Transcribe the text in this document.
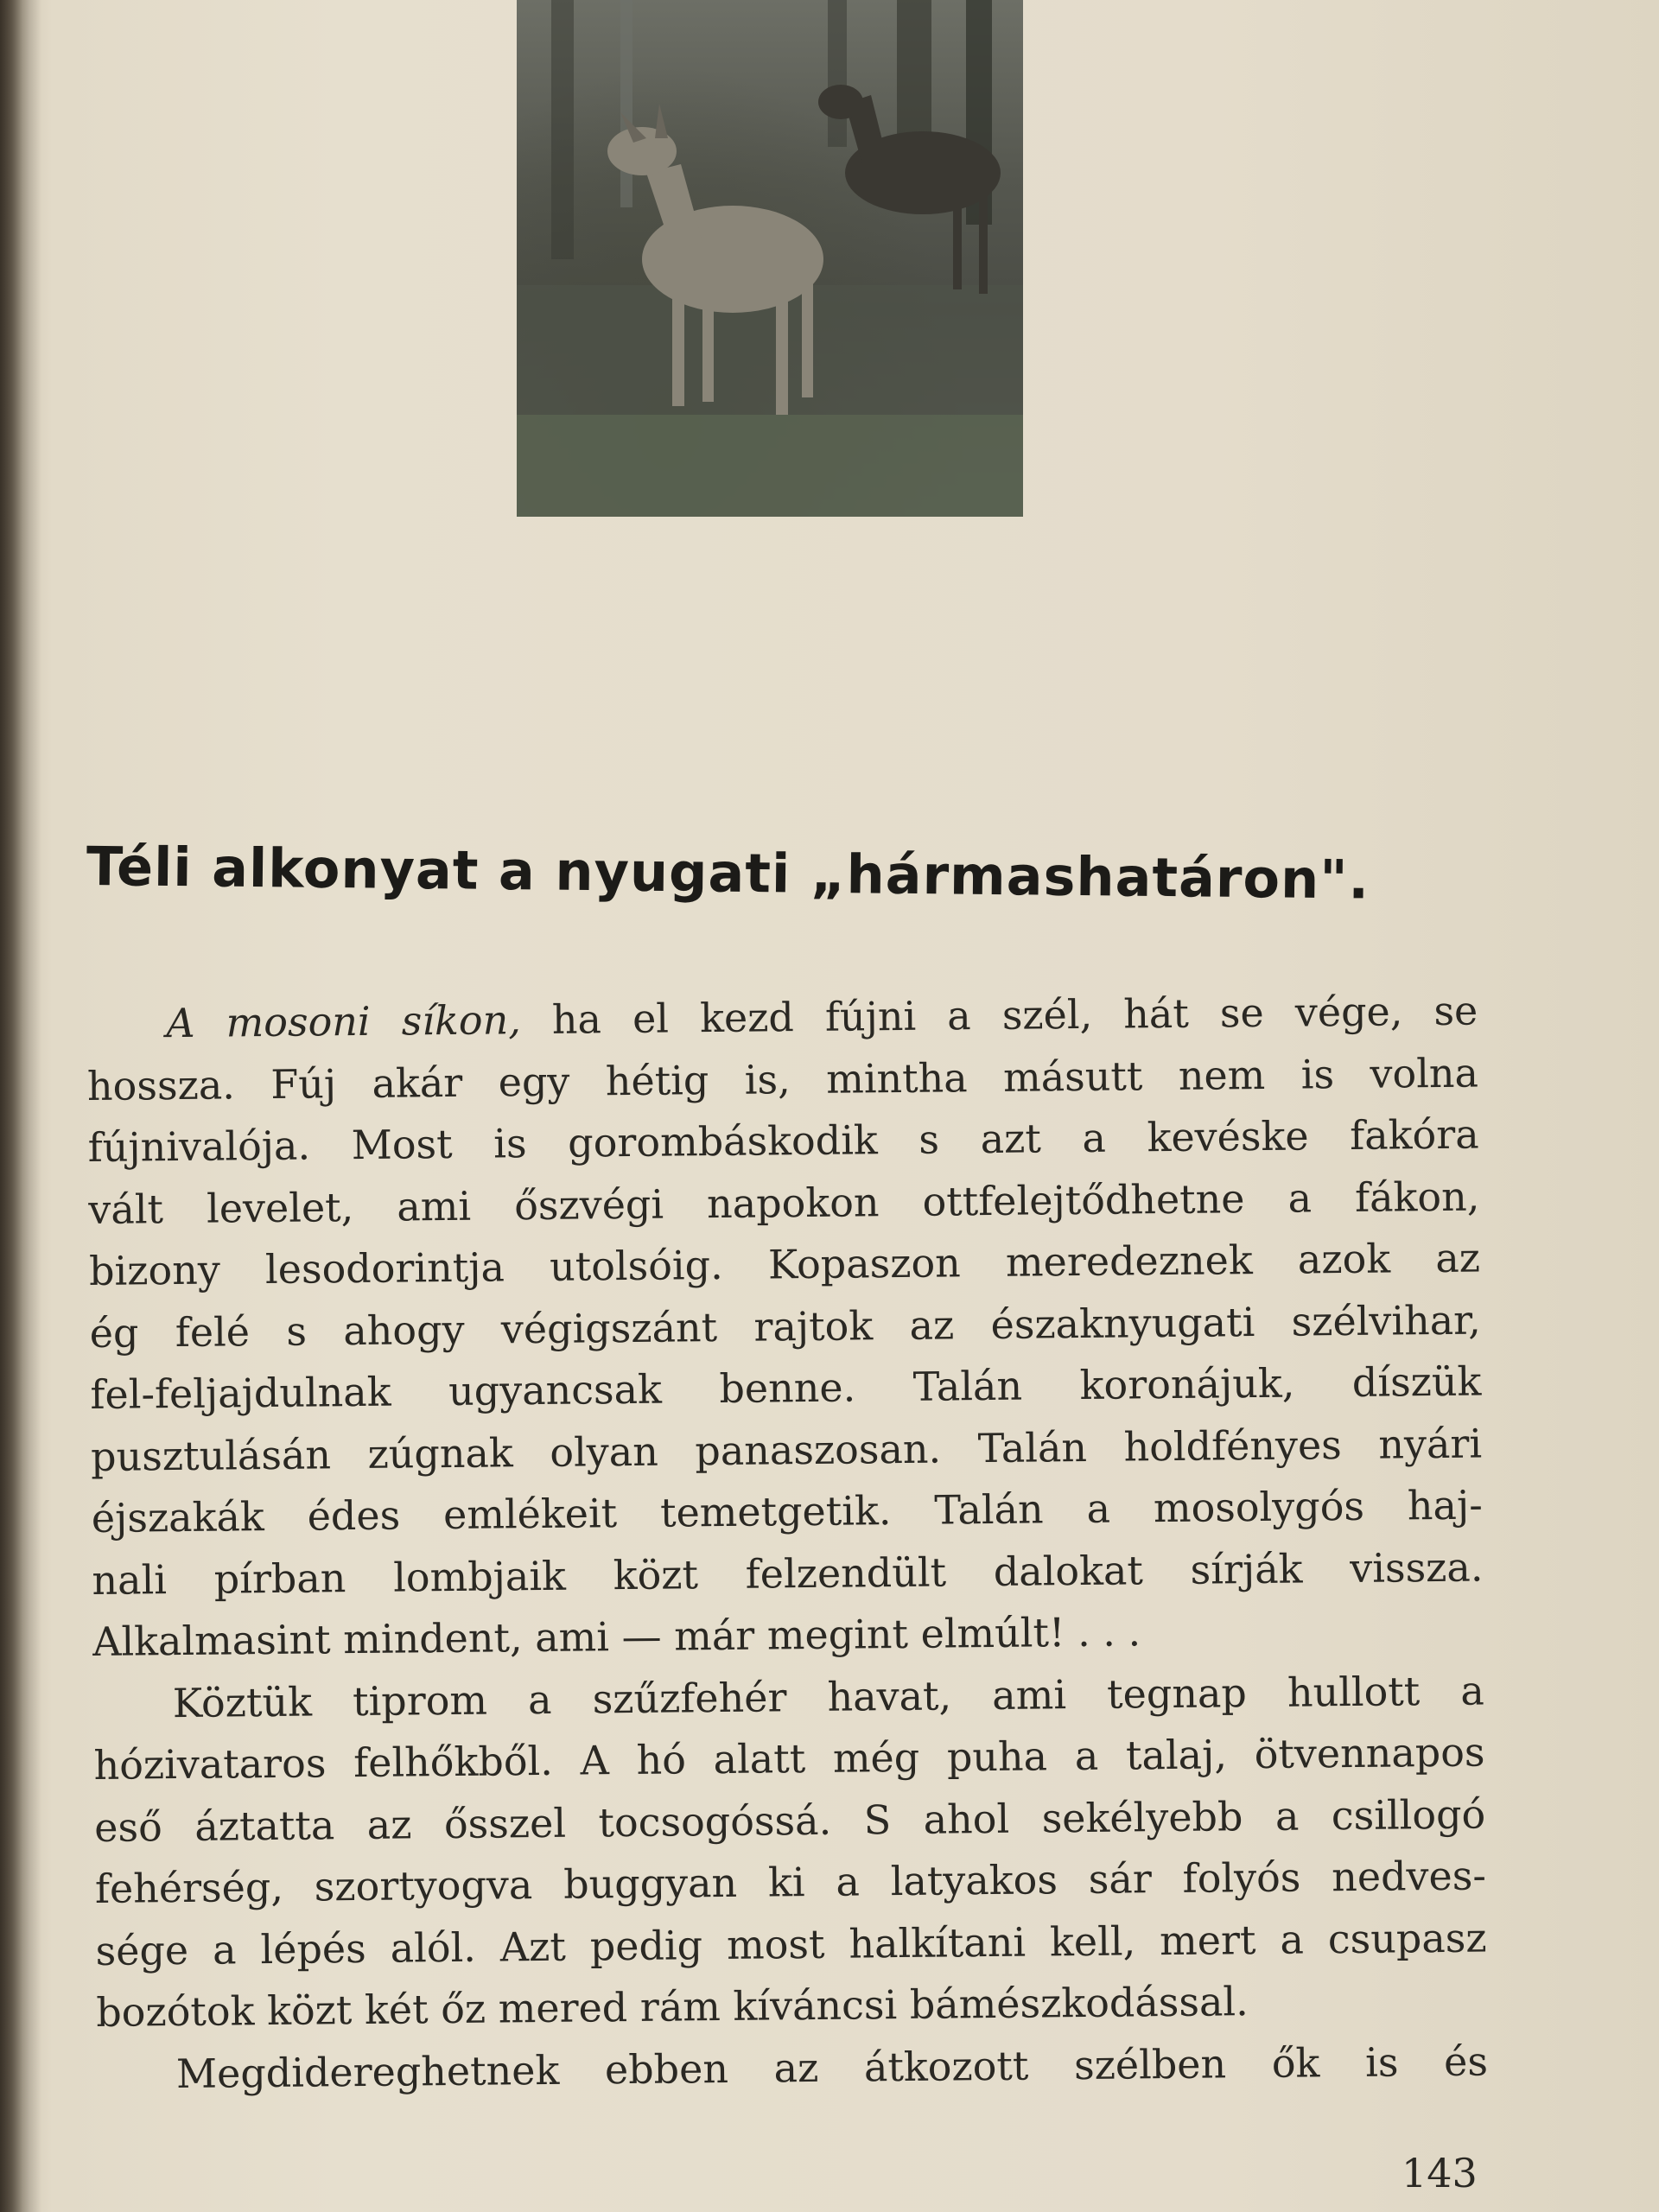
Téli alkonyat a nyugati „hármashatáron".
A mosoni síkon, ha el kezd fújni a szél, hát se vége, se
hossza. Fúj akár egy hétig is, mintha másutt nem is volna
fújnivalója. Most is gorombáskodik s azt a kevéske fakóra
vált levelet, ami őszvégi napokon ottfelejtődhetne a fákon,
bizony lesodorintja utolsóig. Kopaszon meredeznek azok az
ég felé s ahogy végigszánt rajtok az északnyugati szélvihar,
fel-feljajdulnak ugyancsak benne. Talán koronájuk, díszük
pusztulásán zúgnak olyan panaszosan. Talán holdfényes nyári
éjszakák édes emlékeit temetgetik. Talán a mosolygós haj-
nali pírban lombjaik közt felzendült dalokat sírják vissza.
Alkalmasint mindent, ami — már megint elmúlt! . . .
Köztük tiprom a szűzfehér havat, ami tegnap hullott a
hózivataros felhőkből. A hó alatt még puha a talaj, ötvennapos
eső áztatta az ősszel tocsogóssá. S ahol sekélyebb a csillogó
fehérség, szortyogva buggyan ki a latyakos sár folyós nedves-
sége a lépés alól. Azt pedig most halkítani kell, mert a csupasz
bozótok közt két őz mered rám kíváncsi bámészkodással.
Megdidereghetnek ebben az átkozott szélben ők is és
143
